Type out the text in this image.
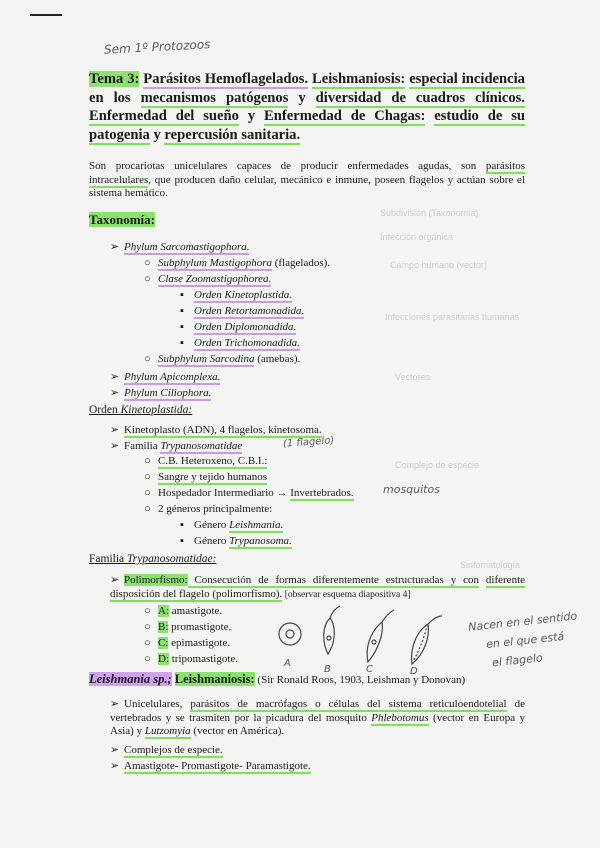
Sem 1º Protozoos
Subdivisión (Taxonomía)
Infección orgánica
Campo humano (vector)
Infecciones parasitarias humanas
Vectores
Complejo de especie
Sintomatología
Tema 3: Parásitos Hemoflagelados. Leishmaniosis: especial incidencia en los mecanismos patógenos y diversidad de cuadros clínicos. Enfermedad del sueño y Enfermedad de Chagas: estudio de su patogenia y repercusión sanitaria.
Son procariotas unicelulares capaces de producir enfermedades agudas, son parásitos intracelulares, que producen daño celular, mecánico e inmune, poseen flagelos y actúan sobre el sistema hemático.
Taxonomía:
➢ Phylum Sarcomastigophora.
○ Subphylum Mastigophora (flagelados).
○ Clase Zoomastigophorea.
▪ Orden Kinetoplastida.
▪ Orden Retortamonadida.
▪ Orden Diplomonadida.
▪ Orden Trichomonadida.
○ Subphylum Sarcodina (amebas).
➢ Phylum Apicomplexa.
➢ Phylum Ciliophora.
Orden Kinetoplastida:
➢ Kinetoplasto (ADN), 4 flagelos, kinetosoma.
➢ Familia Trypanosomatidae	(1 flagelo)
○ C.B. Heteroxeno, C.B.I.:
○ Sangre y tejido humanos
○ Hospedador Intermediario → Invertebrados.	mosquitos
○ 2 géneros principalmente:
▪ Género Leishmania.
▪ Género Trypanosoma.
Familia Trypanosomatidae:
➢ Polimorfismo: Consecución de formas diferentemente estructuradas y con diferente disposición del flagelo (polimorfismo). [observar esquema diapositiva 4]
○ A: amastigote.
○ B: promastigote.
○ C: epimastigote.
○ D: tripomastigote.	A
B	C	D
Nacen en el sentido
en el que está
el flagelo
Leishmania sp.; Leishmaniosis: (Sir Ronald Roos, 1903, Leishman y Donovan)
➢ Unicelulares, parásitos de macrófagos o células del sistema reticuloendotelial de vertebrados y se trasmiten por la picadura del mosquito Phlebotomus (vector en Europa y Asia) y Lutzomyia (vector en América).
➢ Complejos de especie.
➢ Amastigote- Promastigote- Paramastigote.
